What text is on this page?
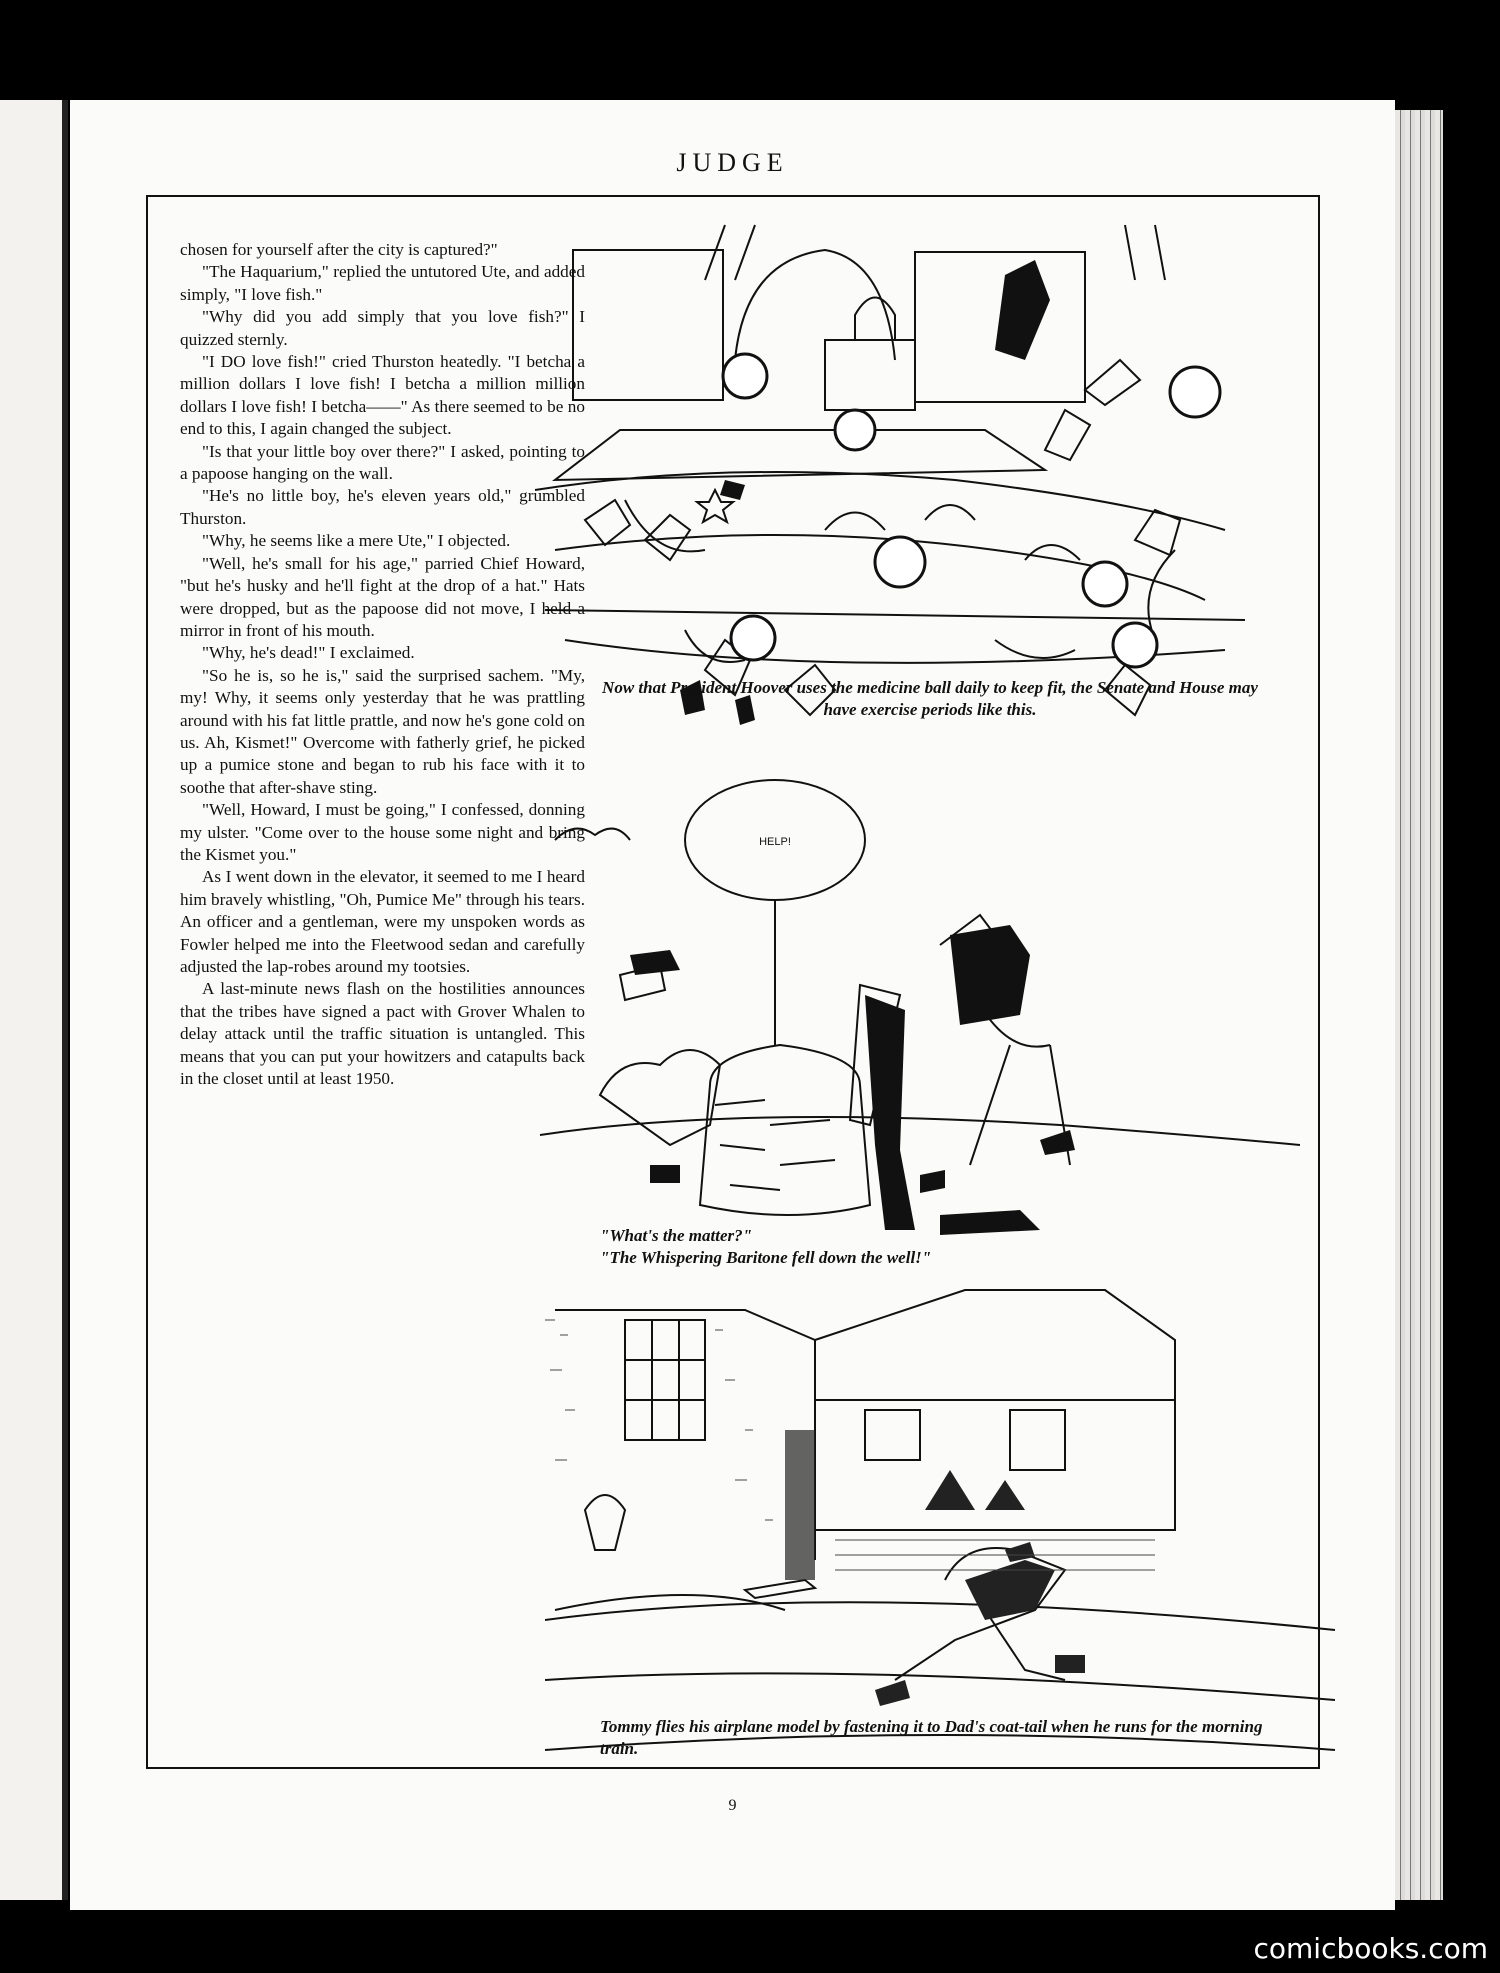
JUDGE

chosen for yourself after the city is captured?"

"The Haquarium," replied the untutored Ute, and added simply, "I love fish."

"Why did you add simply that you love fish?" I quizzed sternly.

"I DO love fish!" cried Thurston heatedly. "I betcha a million dollars I love fish! I betcha a million million dollars I love fish! I betcha——" As there seemed to be no end to this, I again changed the subject.

"Is that your little boy over there?" I asked, pointing to a papoose hanging on the wall.

"He's no little boy, he's eleven years old," grumbled Thurston.

"Why, he seems like a mere Ute," I objected.

"Well, he's small for his age," parried Chief Howard, "but he's husky and he'll fight at the drop of a hat." Hats were dropped, but as the papoose did not move, I held a mirror in front of his mouth.

"Why, he's dead!" I exclaimed.

"So he is, so he is," said the surprised sachem. "My, my! Why, it seems only yesterday that he was prattling around with his fat little prattle, and now he's gone cold on us. Ah, Kismet!" Overcome with fatherly grief, he picked up a pumice stone and began to rub his face with it to soothe that after-shave sting.

"Well, Howard, I must be going," I confessed, donning my ulster. "Come over to the house some night and bring the Kismet you."

As I went down in the elevator, it seemed to me I heard him bravely whistling, "Oh, Pumice Me" through his tears. An officer and a gentleman, were my unspoken words as Fowler helped me into the Fleetwood sedan and carefully adjusted the lap-robes around my tootsies.

A last-minute news flash on the hostilities announces that the tribes have signed a pact with Grover Whalen to delay attack until the traffic situation is untangled. This means that you can put your howitzers and catapults back in the closet until at least 1950.

Now that President Hoover uses the medicine ball daily to keep fit, the Senate and House may have exercise periods like this.
HELP!
"What's the matter?"
"The Whispering Baritone fell down the well!"
Tommy flies his airplane model by fastening it to Dad's coat-tail when he runs for the morning train.
9
comicbooks.com
